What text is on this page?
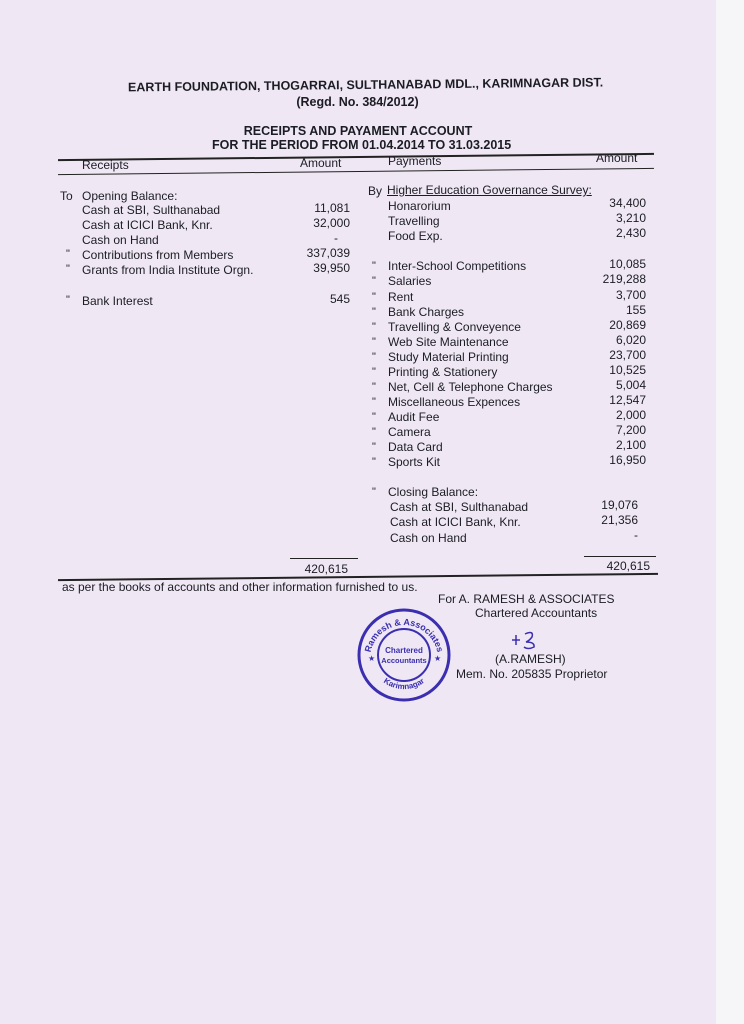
EARTH FOUNDATION, THOGARRAI, SULTHANABAD MDL., KARIMNAGAR DIST.
(Regd. No. 384/2012)
RECEIPTS AND PAYAMENT ACCOUNT
FOR THE PERIOD FROM 01.04.2014 TO 31.03.2015
Receipts	Amount	Payments	Amount
To Opening Balance:
Cash at SBI, Sulthanabad	11,081
Cash at ICICI Bank, Knr.	32,000
Cash on Hand	-
" Contributions from Members	337,039
" Grants from India Institute Orgn.	39,950
" Bank Interest	545
By Higher Education Governance Survey:
Honarorium	34,400
Travelling	3,210
Food Exp.	2,430
" Inter-School Competitions	10,085
" Salaries	219,288
" Rent	3,700
" Bank Charges	155
" Travelling & Conveyence	20,869
" Web Site Maintenance	6,020
" Study Material Printing	23,700
" Printing & Stationery	10,525
" Net, Cell & Telephone Charges	5,004
" Miscellaneous Expences	12,547
" Audit Fee	2,000
" Camera	7,200
" Data Card	2,100
" Sports Kit	16,950
" Closing Balance:
Cash at SBI, Sulthanabad	19,076
Cash at ICICI Bank, Knr.	21,356
Cash on Hand	-
420,615	420,615
as per the books of accounts and other information furnished to us.
For A. RAMESH & ASSOCIATES
Chartered Accountants
(A.RAMESH)
Mem. No. 205835 Proprietor
Ramesh & Associates
Karimnagar
Chartered
Accountants
★	★
